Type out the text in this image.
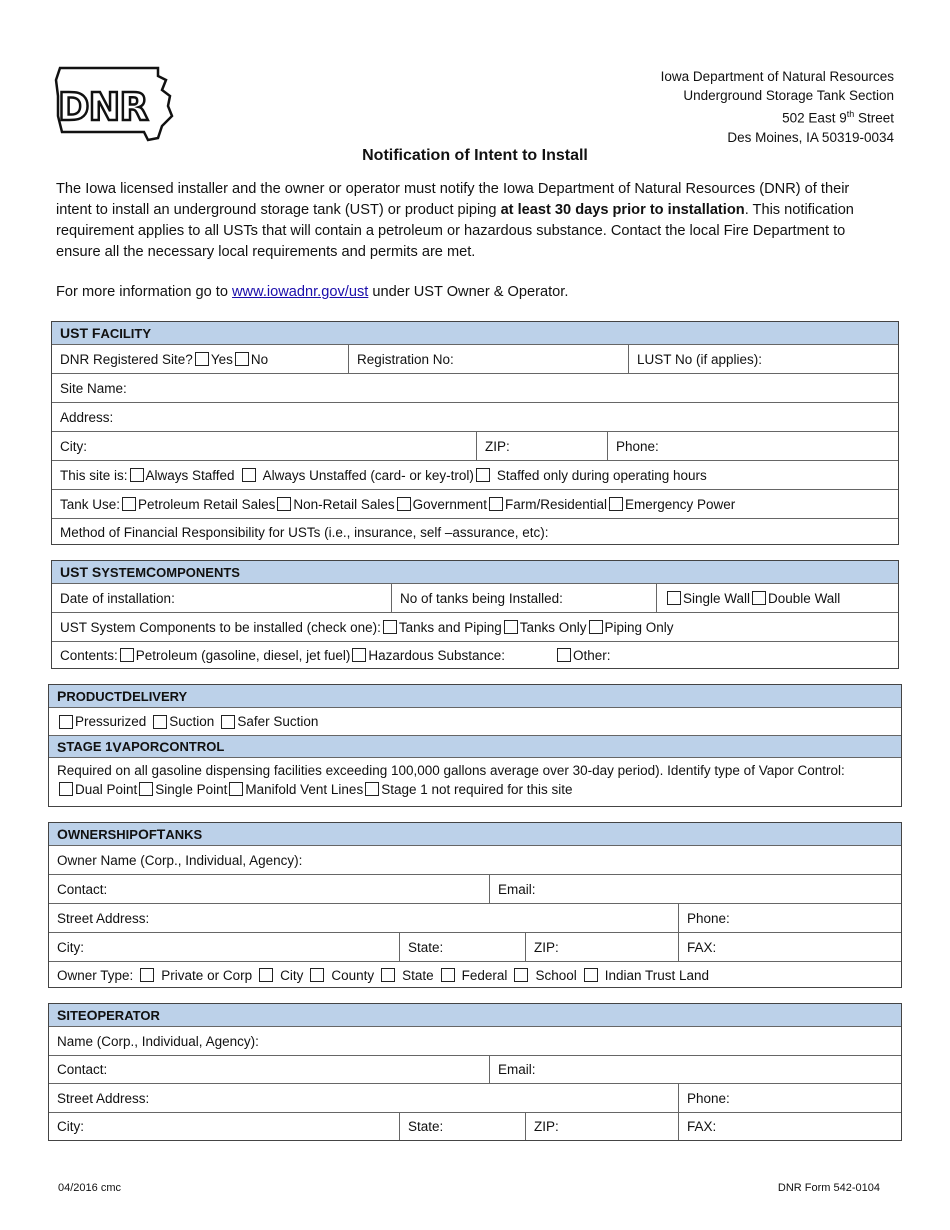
DNR
Iowa Department of Natural Resources
Underground Storage Tank Section
502 East 9th Street
Des Moines, IA 50319-0034
Notification of Intent to Install
The Iowa licensed installer and the owner or operator must notify the Iowa Department of Natural Resources (DNR) of their intent to install an underground storage tank (UST) or product piping at least 30 days prior to installation. This notification requirement applies to all USTs that will contain a petroleum or hazardous substance. Contact the local Fire Department to ensure all the necessary local requirements and permits are met.
For more information go to www.iowadnr.gov/ust under UST Owner & Operator.
UST F ACILITY
DNR Registered Site? Yes No	Registration No:	LUST No (if applies):
Site Name:
Address:
City:	ZIP:	Phone:
This site is: Always Staffed Always Unstaffed (card- or key-trol) Staffed only during operating hours
Tank Use: Petroleum Retail Sales Non-Retail Sales Government Farm/Residential Emergency Power
Method of Financial Responsibility for USTs (i.e., insurance, self –assurance, etc):
UST S YSTEM C OMPONENTS
Date of installation:	No of tanks being Installed:	Single Wall Double Wall
UST System Components to be installed (check one): Tanks and Piping Tanks Only Piping Only
Contents: Petroleum (gasoline, diesel, jet fuel) Hazardous Substance:	Other:
P RODUCT D ELIVERY
Pressurized Suction Safer Suction
S TAGE 1 V APOR C ONTROL
Required on all gasoline dispensing facilities exceeding 100,000 gallons average over 30-day period). Identify type of Vapor Control:
Dual Point Single Point Manifold Vent Lines Stage 1 not required for this site
O WNERSHIP O F T ANKS
Owner Name (Corp., Individual, Agency):
Contact:	Email:
Street Address:	Phone:
City:	State:	ZIP:	FAX:
Owner Type: Private or Corp City County State Federal School Indian Trust Land
S ITE O PERATOR
Name (Corp., Individual, Agency):
Contact:	Email:
Street Address:	Phone:
City:	State:	ZIP:	FAX:
04/2016 cmc	DNR Form 542-0104
